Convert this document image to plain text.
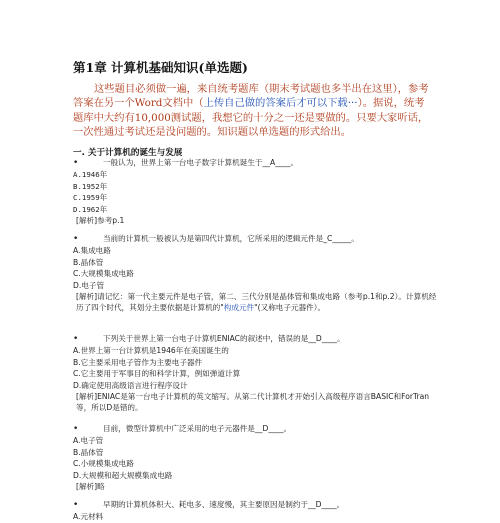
第1章 计算机基础知识(单选题)
这些题目必须做一遍，来自统考题库（期末考试题也多半出在这里），参考答案在另一个Word文档中（上传自己做的答案后才可以下载···）。据说，统考题库中大约有10,000测试题，我想它的十分之一还是要做的。只要大家听话，一次性通过考试还是没问题的。知识题以单选题的形式给出。
一. 关于计算机的诞生与发展
•	一般认为，世界上第一台电子数字计算机诞生于__A____。
A.1946年
B.1952年
C.1959年
D.1962年
[解析]参考p.1
•	当前的计算机一般被认为是第四代计算机，它所采用的逻辑元件是_C_____。
A.集成电路
B.晶体管
C.大规模集成电路
D.电子管
[解析]请记忆：第一代主要元件是电子管，第二、三代分别是晶体管和集成电路（参考p.1和p.2）。计算机经历了四个时代，其划分主要依据是计算机的"构成元件"(又称电子元器件）。
•	下列关于世界上第一台电子计算机ENIAC的叙述中，错误的是__D____。
A.世界上第一台计算机是1946年在美国诞生的
B.它主要采用电子管作为主要电子器件
C.它主要用于军事目的和科学计算，例如弹道计算
D.确定使用高级语言进行程序设计
[解析]ENIAC是第一台电子计算机的英文缩写。从第二代计算机才开始引入高级程序语言BASIC和ForTran等，所以D是错的。
•	目前，微型计算机中广泛采用的电子元器件是__D____。
A.电子管
B.晶体管
C.小规模集成电路
D.大规模和超大规模集成电路
[解析]略
•	早期的计算机体积大、耗电多、速度慢，其主要原因是制约于__D____。
A.元材料
